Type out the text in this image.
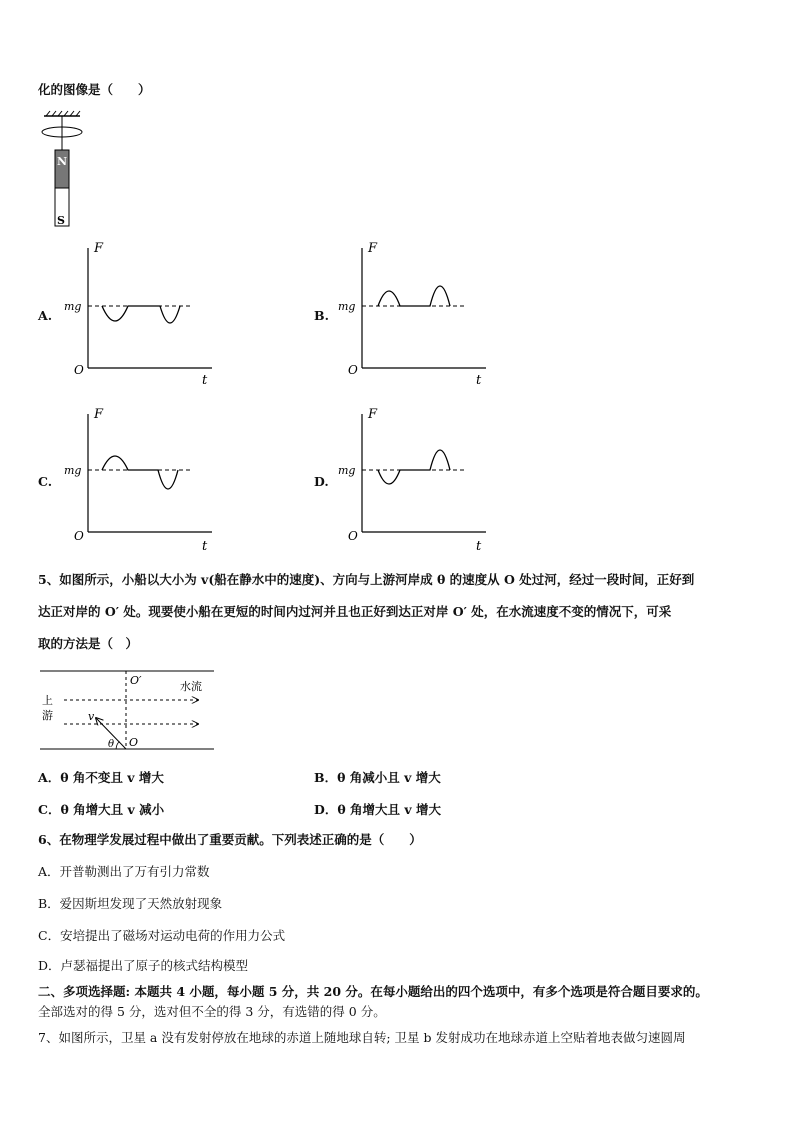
化的图像是（　　）
N
S
A.
F
mg
O
t
B.
F
mg
O
t
C.
F
mg
O
t
D.
F
mg
O
t
5、如图所示，小船以大小为 v(船在静水中的速度)、方向与上游河岸成 θ 的速度从 O 处过河，经过一段时间，正好到
达正对岸的 O′ 处。现要使小船在更短的时间内过河并且也正好到达正对岸 O′ 处，在水流速度不变的情况下，可采
取的方法是（　）
O′	水流
上
游	v
θ O
A．θ 角不变且 v 增大	B．θ 角减小且 v 增大
C．θ 角增大且 v 减小	D．θ 角增大且 v 增大
6、在物理学发展过程中做出了重要贡献。下列表述正确的是（　　）
A．开普勒测出了万有引力常数
B．爱因斯坦发现了天然放射现象
C．安培提出了磁场对运动电荷的作用力公式
D．卢瑟福提出了原子的核式结构模型
二、多项选择题: 本题共 4 小题，每小题 5 分，共 20 分。在每小题给出的四个选项中，有多个选项是符合题目要求的。
全部选对的得 5 分，选对但不全的得 3 分，有选错的得 0 分。
7、如图所示，卫星 a 没有发射停放在地球的赤道上随地球自转; 卫星 b 发射成功在地球赤道上空贴着地表做匀速圆周
